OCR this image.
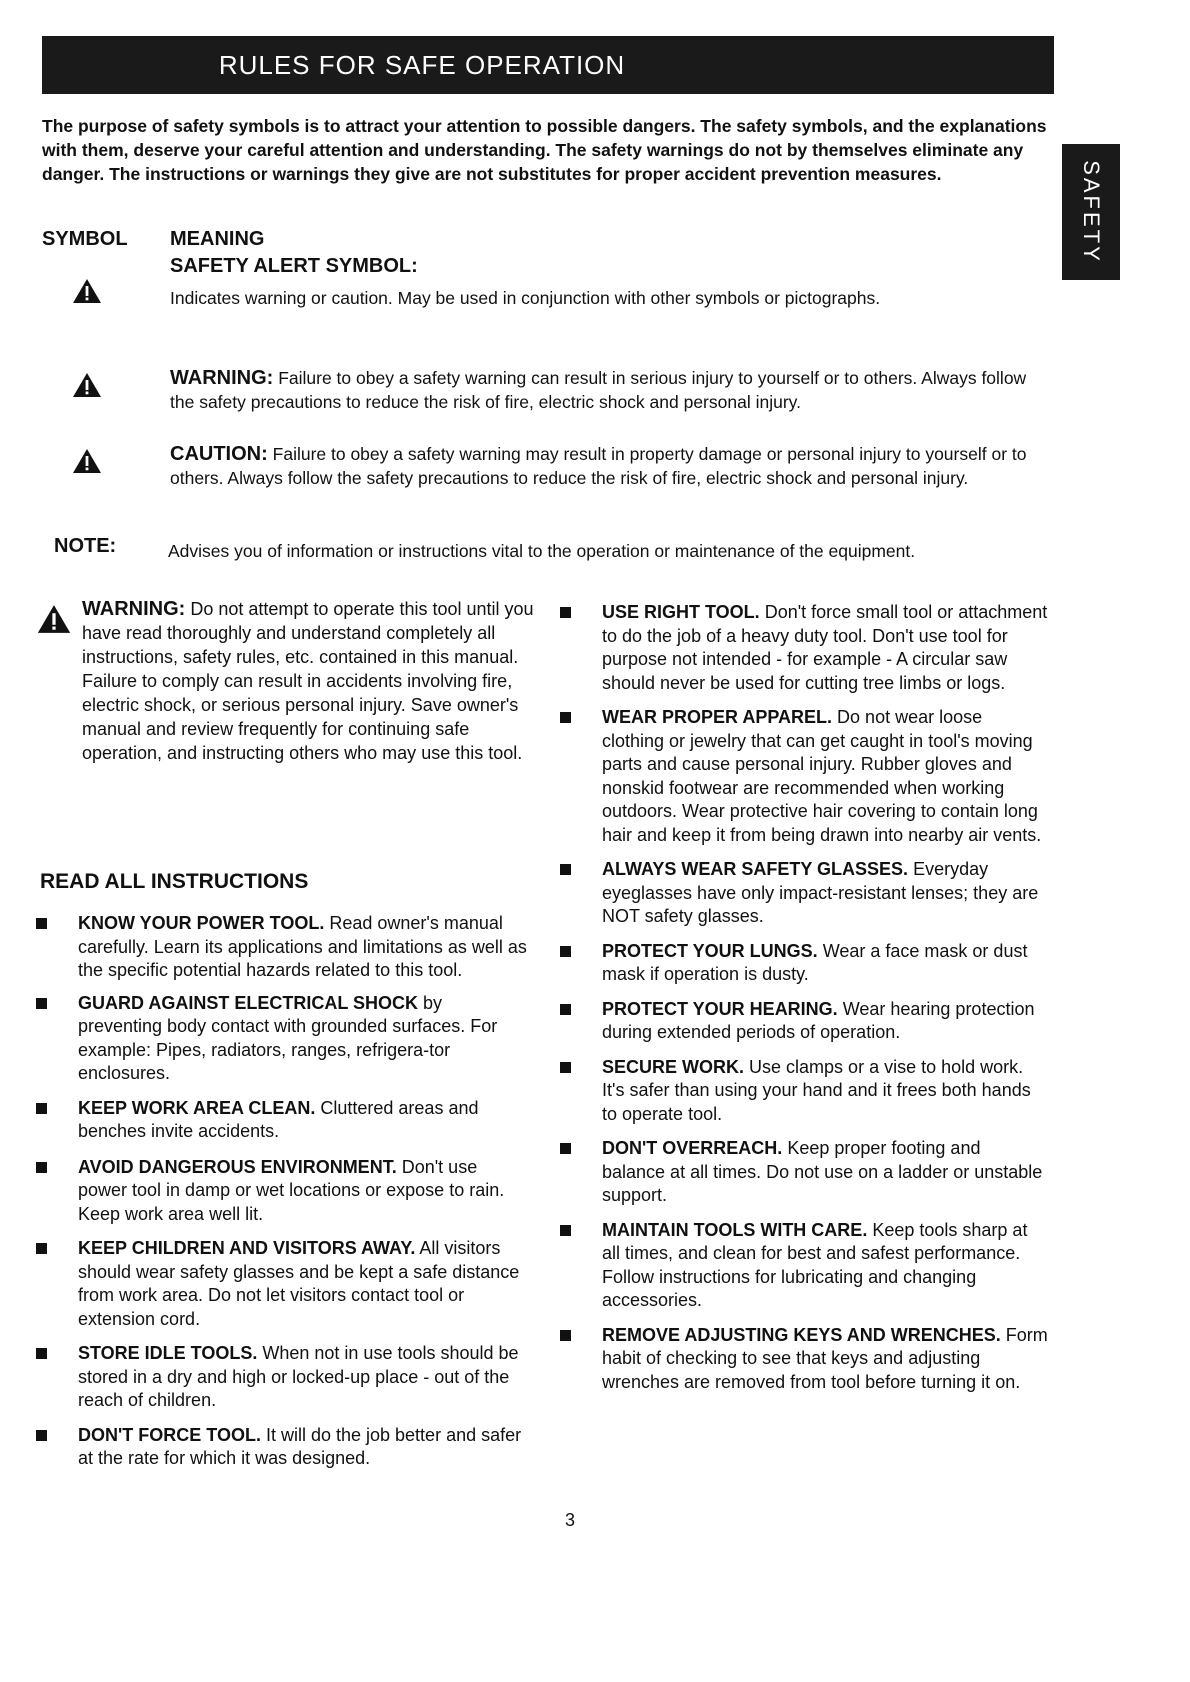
RULES FOR SAFE OPERATION
SAFETY
The purpose of safety symbols is to attract your attention to possible dangers. The safety symbols, and the explanations with them, deserve your careful attention and understanding. The safety warnings do not by themselves eliminate any danger. The instructions or warnings they give are not substitutes for proper accident prevention measures.
SYMBOL MEANING
SAFETY ALERT SYMBOL:
Indicates warning or caution. May be used in conjunction with other symbols or pictographs.
WARNING: Failure to obey a safety warning can result in serious injury to yourself or to others. Always follow the safety precautions to reduce the risk of fire, electric shock and personal injury.
CAUTION: Failure to obey a safety warning may result in property damage or personal injury to yourself or to others. Always follow the safety precautions to reduce the risk of fire, electric shock and personal injury.
NOTE:	Advises you of information or instructions vital to the operation or maintenance of the equipment.
WARNING: Do not attempt to operate this tool until you have read thoroughly and understand completely all instructions, safety rules, etc. contained in this manual. Failure to comply can result in accidents involving fire, electric shock, or serious personal injury. Save owner's manual and review frequently for continuing safe operation, and instructing others who may use this tool.
READ ALL INSTRUCTIONS
KNOW YOUR POWER TOOL. Read owner's manual carefully. Learn its applications and limitations as well as the specific potential hazards related to this tool.
GUARD AGAINST ELECTRICAL SHOCK by preventing body contact with grounded surfaces. For example: Pipes, radiators, ranges, refrigera-tor enclosures.
KEEP WORK AREA CLEAN. Cluttered areas and benches invite accidents.
AVOID DANGEROUS ENVIRONMENT. Don't use power tool in damp or wet locations or expose to rain. Keep work area well lit.
KEEP CHILDREN AND VISITORS AWAY. All visitors should wear safety glasses and be kept a safe distance from work area. Do not let visitors contact tool or extension cord.
STORE IDLE TOOLS. When not in use tools should be stored in a dry and high or locked-up place - out of the reach of children.
DON'T FORCE TOOL. It will do the job better and safer at the rate for which it was designed.
USE RIGHT TOOL. Don't force small tool or attachment to do the job of a heavy duty tool. Don't use tool for purpose not intended - for example - A circular saw should never be used for cutting tree limbs or logs.
WEAR PROPER APPAREL. Do not wear loose clothing or jewelry that can get caught in tool's moving parts and cause personal injury. Rubber gloves and nonskid footwear are recommended when working outdoors. Wear protective hair covering to contain long hair and keep it from being drawn into nearby air vents.
ALWAYS WEAR SAFETY GLASSES. Everyday eyeglasses have only impact-resistant lenses; they are NOT safety glasses.
PROTECT YOUR LUNGS. Wear a face mask or dust mask if operation is dusty.
PROTECT YOUR HEARING. Wear hearing protection during extended periods of operation.
SECURE WORK. Use clamps or a vise to hold work. It's safer than using your hand and it frees both hands to operate tool.
DON'T OVERREACH. Keep proper footing and balance at all times. Do not use on a ladder or unstable support.
MAINTAIN TOOLS WITH CARE. Keep tools sharp at all times, and clean for best and safest performance. Follow instructions for lubricating and changing accessories.
REMOVE ADJUSTING KEYS AND WRENCHES. Form habit of checking to see that keys and adjusting wrenches are removed from tool before turning it on.
3
